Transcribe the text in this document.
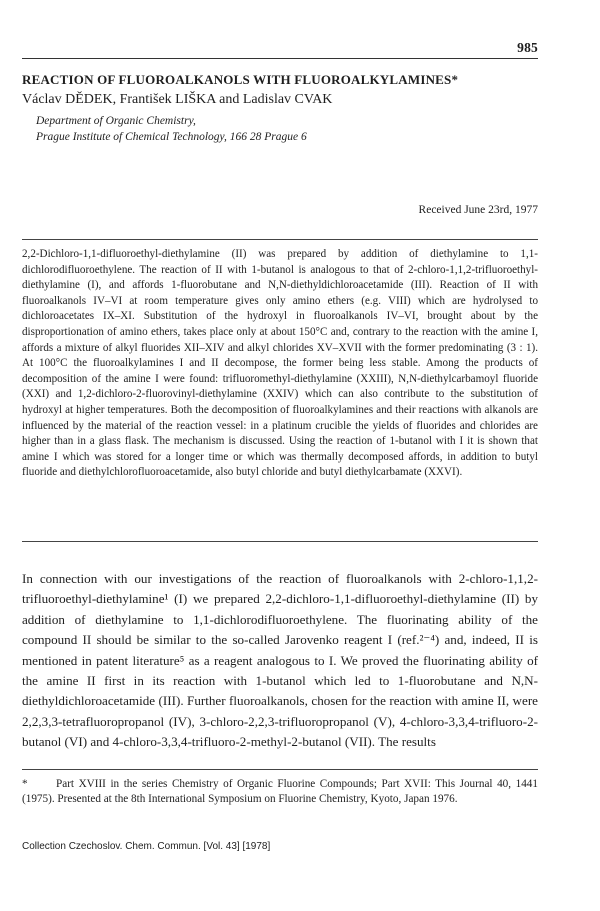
985
REACTION OF FLUOROALKANOLS WITH FLUOROALKYLAMINES*
Václav DĚDEK, František LIŠKA and Ladislav CVAK
Department of Organic Chemistry,
Prague Institute of Chemical Technology, 166 28 Prague 6
Received June 23rd, 1977

2,2-Dichloro-1,1-difluoroethyl-diethylamine (II) was prepared by addition of diethylamine to 1,1-dichlorodifluoroethylene. The reaction of II with 1-butanol is analogous to that of 2-chloro-1,1,2-trifluoroethyl-diethylamine (I), and affords 1-fluorobutane and N,N-diethyldichloroacetamide (III). Reaction of II with fluoroalkanols IV–VI at room temperature gives only amino ethers (e.g. VIII) which are hydrolysed to dichloroacetates IX–XI. Substitution of the hydroxyl in fluoroalkanols IV–VI, brought about by the disproportionation of amino ethers, takes place only at about 150°C and, contrary to the reaction with the amine I, affords a mixture of alkyl fluorides XII–XIV and alkyl chlorides XV–XVII with the former predominating (3 : 1). At 100°C the fluoroalkylamines I and II decompose, the former being less stable. Among the products of decomposition of the amine I were found: trifluoromethyl-diethylamine (XXIII), N,N-diethylcarbamoyl fluoride (XXI) and 1,2-dichloro-2-fluorovinyl-diethylamine (XXIV) which can also contribute to the substitution of hydroxyl at higher temperatures. Both the decomposition of fluoroalkylamines and their reactions with alkanols are influenced by the material of the reaction vessel: in a platinum crucible the yields of fluorides and chlorides are higher than in a glass flask. The mechanism is discussed. Using the reaction of 1-butanol with I it is shown that amine I which was stored for a longer time or which was thermally decomposed affords, in addition to butyl fluoride and diethylchlorofluoroacetamide, also butyl chloride and butyl diethylcarbamate (XXVI).

In connection with our investigations of the reaction of fluoroalkanols with 2-chloro-1,1,2-trifluoroethyl-diethylamine¹ (I) we prepared 2,2-dichloro-1,1-difluoroethyl-diethylamine (II) by addition of diethylamine to 1,1-dichlorodifluoroethylene. The fluorinating ability of the compound II should be similar to the so-called Jarovenko reagent I (ref.²⁻⁴) and, indeed, II is mentioned in patent literature⁵ as a reagent analogous to I. We proved the fluorinating ability of the amine II first in its reaction with 1-butanol which led to 1-fluorobutane and N,N-diethyldichloroacetamide (III). Further fluoroalkanols, chosen for the reaction with amine II, were 2,2,3,3-tetrafluoropropanol (IV), 3-chloro-2,2,3-trifluoropropanol (V), 4-chloro-3,3,4-trifluoro-2-butanol (VI) and 4-chloro-3,3,4-trifluoro-2-methyl-2-butanol (VII). The results

*	Part XVIII in the series Chemistry of Organic Fluorine Compounds; Part XVII: This Journal 40, 1441 (1975). Presented at the 8th International Symposium on Fluorine Chemistry, Kyoto, Japan 1976.

Collection Czechoslov. Chem. Commun. [Vol. 43] [1978]
